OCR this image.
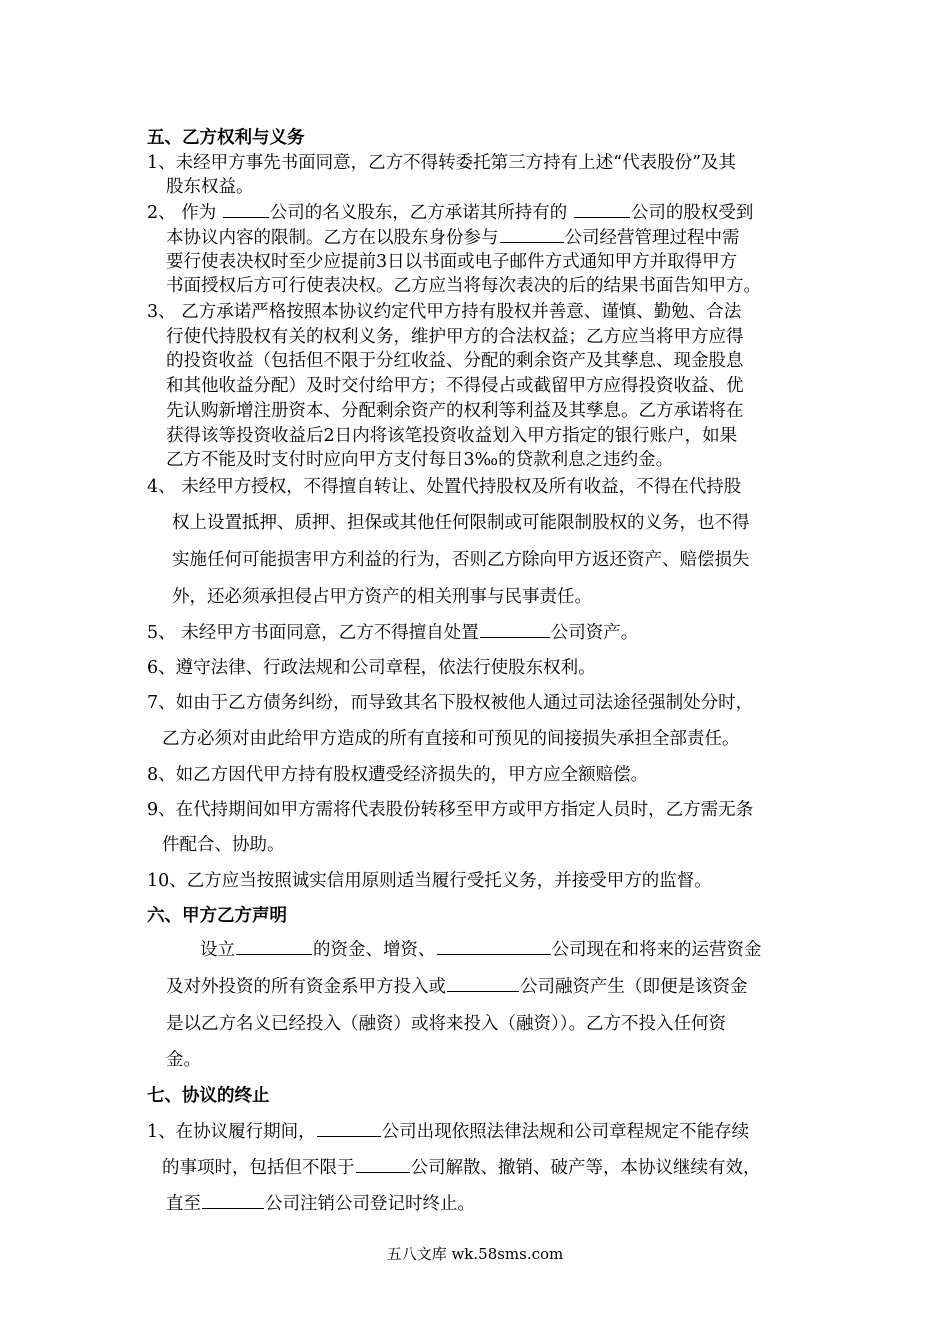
五、乙方权利与义务
1、未经甲方事先书面同意，乙方不得转委托第三方持有上述“代表股份”及其
股东权益。
2、 作为	公司的名义股东，乙方承诺其所持有的	公司的股权受到
本协议内容的限制。乙方在以股东身份参与	公司经营管理过程中需
要行使表决权时至少应提前3日以书面或电子邮件方式通知甲方并取得甲方
书面授权后方可行使表决权。乙方应当将每次表决的后的结果书面告知甲方。
3、 乙方承诺严格按照本协议约定代甲方持有股权并善意、谨慎、勤勉、合法
行使代持股权有关的权利义务，维护甲方的合法权益；乙方应当将甲方应得
的投资收益（包括但不限于分红收益、分配的剩余资产及其孳息、现金股息
和其他收益分配）及时交付给甲方；不得侵占或截留甲方应得投资收益、优
先认购新增注册资本、分配剩余资产的权利等利益及其孳息。乙方承诺将在
获得该等投资收益后2日内将该笔投资收益划入甲方指定的银行账户，如果
乙方不能及时支付时应向甲方支付每日3‰的贷款利息之违约金。
4、 未经甲方授权，不得擅自转让、处置代持股权及所有收益，不得在代持股
权上设置抵押、质押、担保或其他任何限制或可能限制股权的义务，也不得
实施任何可能损害甲方利益的行为，否则乙方除向甲方返还资产、赔偿损失
外，还必须承担侵占甲方资产的相关刑事与民事责任。
5、 未经甲方书面同意，乙方不得擅自处置	公司资产。
6、遵守法律、行政法规和公司章程，依法行使股东权利。
7、如由于乙方债务纠纷，而导致其名下股权被他人通过司法途径强制处分时，
乙方必须对由此给甲方造成的所有直接和可预见的间接损失承担全部责任。
8、如乙方因代甲方持有股权遭受经济损失的，甲方应全额赔偿。
9、在代持期间如甲方需将代表股份转移至甲方或甲方指定人员时，乙方需无条
件配合、协助。
10、乙方应当按照诚实信用原则适当履行受托义务，并接受甲方的监督。
六、甲方乙方声明
设立	的资金、增资、	公司现在和将来的运营资金
及对外投资的所有资金系甲方投入或	公司融资产生（即便是该资金
是以乙方名义已经投入（融资）或将来投入（融资））。乙方不投入任何资
金。
七、协议的终止
1、在协议履行期间，	公司出现依照法律法规和公司章程规定不能存续
的事项时，包括但不限于	公司解散、撤销、破产等，本协议继续有效，
直至	公司注销公司登记时终止。
五八文库 wk.58sms.com
